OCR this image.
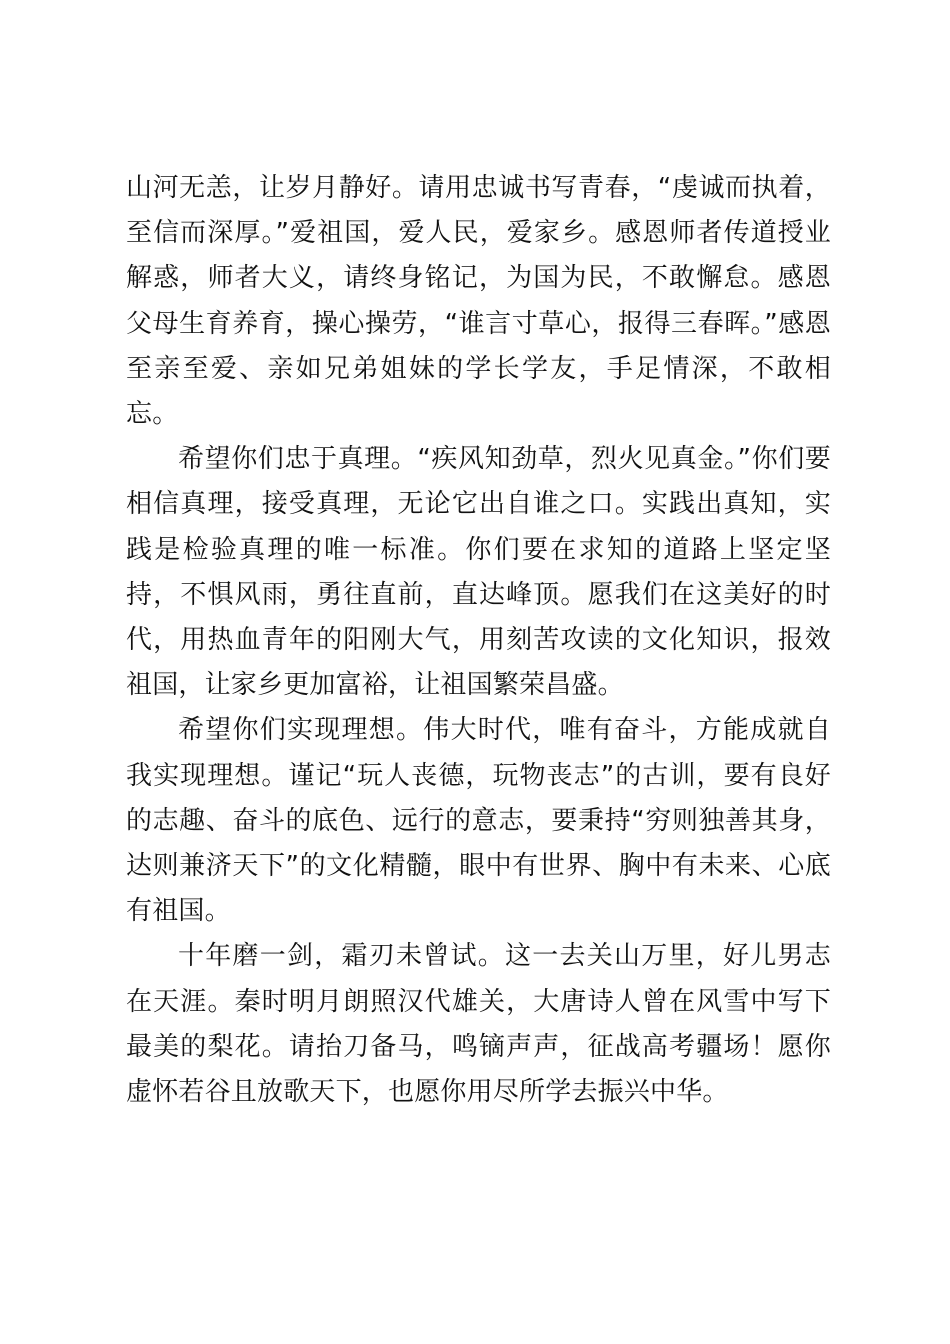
山河无恙，让岁月静好。请用忠诚书写青春，“虔诚而执着，至信而深厚。”爱祖国，爱人民，爱家乡。感恩师者传道授业解惑，师者大义，请终身铭记，为国为民，不敢懈怠。感恩父母生育养育，操心操劳，“谁言寸草心，报得三春晖。”感恩至亲至爱、亲如兄弟姐妹的学长学友，手足情深，不敢相忘。

希望你们忠于真理。“疾风知劲草，烈火见真金。”你们要相信真理，接受真理，无论它出自谁之口。实践出真知，实践是检验真理的唯一标准。你们要在求知的道路上坚定坚持，不惧风雨，勇往直前，直达峰顶。愿我们在这美好的时代，用热血青年的阳刚大气，用刻苦攻读的文化知识，报效祖国，让家乡更加富裕，让祖国繁荣昌盛。

希望你们实现理想。伟大时代，唯有奋斗，方能成就自我实现理想。谨记“玩人丧德，玩物丧志”的古训，要有良好的志趣、奋斗的底色、远行的意志，要秉持“穷则独善其身，达则兼济天下”的文化精髓，眼中有世界、胸中有未来、心底有祖国。

十年磨一剑，霜刃未曾试。这一去关山万里，好儿男志在天涯。秦时明月朗照汉代雄关，大唐诗人曾在风雪中写下最美的梨花。请抬刀备马，鸣镝声声，征战高考疆场！愿你虚怀若谷且放歌天下，也愿你用尽所学去振兴中华。
